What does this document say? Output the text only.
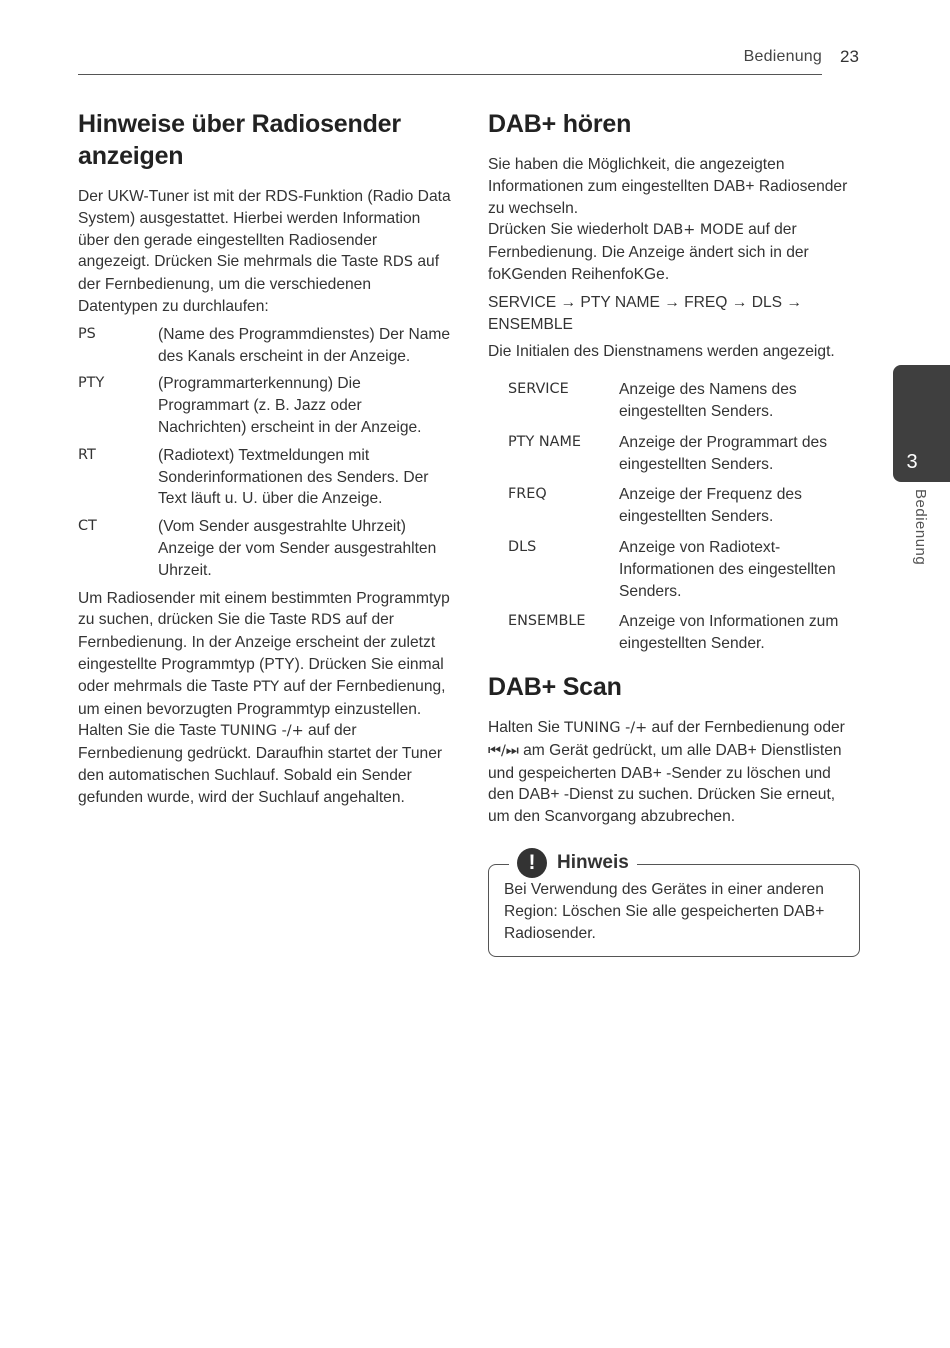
Bedienung 23
3
Bedienung
Hinweise über Radiosender anzeigen

Der UKW-Tuner ist mit der RDS-Funktion (Radio Data System) ausgestattet. Hierbei werden Information über den gerade eingestellten Radiosender angezeigt. Drücken Sie mehrmals die Taste RDS auf der Fernbedienung, um die verschiedenen Datentypen zu durchlaufen:

PS	(Name des Programmdienstes) Der Name des Kanals erscheint in der Anzeige.
PTY	(Programmarterkennung) Die Programmart (z. B. Jazz oder Nachrichten) erscheint in der Anzeige.
RT	(Radiotext) Textmeldungen mit Sonderinformationen des Senders. Der Text läuft u. U. über die Anzeige.
CT	(Vom Sender ausgestrahlte Uhrzeit) Anzeige der vom Sender ausgestrahlten Uhrzeit.

Um Radiosender mit einem bestimmten Programmtyp zu suchen, drücken Sie die Taste RDS auf der Fernbedienung. In der Anzeige erscheint der zuletzt eingestellte Programmtyp (PTY). Drücken Sie einmal oder mehrmals die Taste PTY auf der Fernbedienung, um einen bevorzugten Programmtyp einzustellen. Halten Sie die Taste TUNING -/+ auf der Fernbedienung gedrückt. Daraufhin startet der Tuner den automatischen Suchlauf. Sobald ein Sender gefunden wurde, wird der Suchlauf angehalten.

DAB+ hören

Sie haben die Möglichkeit, die angezeigten Informationen zum eingestellten DAB+ Radiosender zu wechseln.

Drücken Sie wiederholt DAB+ MODE auf der Fernbedienung. Die Anzeige ändert sich in der foKGenden ReihenfoKGe.

SERVICE → PTY NAME → FREQ → DLS → ENSEMBLE

Die Initialen des Dienstnamens werden angezeigt.

SERVICE	Anzeige des Namens des eingestellten Senders.
PTY NAME	Anzeige der Programmart des eingestellten Senders.
FREQ	Anzeige der Frequenz des eingestellten Senders.
DLS	Anzeige von Radiotext-Informationen des eingestellten Senders.
ENSEMBLE	Anzeige von Informationen zum eingestellten Sender.
DAB+ Scan

Halten Sie TUNING -/+ auf der Fernbedienung oder ⏮/⏭ am Gerät gedrückt, um alle DAB+ Dienstlisten und gespeicherten DAB+ -Sender zu löschen und den DAB+ -Dienst zu suchen. Drücken Sie erneut, um den Scanvorgang abzubrechen.

!	Hinweis

Bei Verwendung des Gerätes in einer anderen Region: Löschen Sie alle gespeicherten DAB+ Radiosender.
